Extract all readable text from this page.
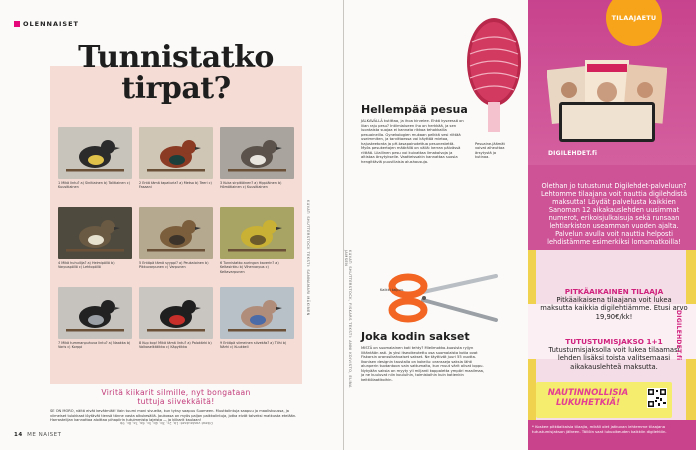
OLENNAISET
Tunnistatko tirpat?
1 Mikä lintu? a) Sinitiainen b) Talitiainen c) Kuusitiainen
2 Entä tämä tapaturia? a) Metso b) Teeri c) Fasaani
3 Kuka sirpitiäinen? a) Hippiäinen b) Hömötiainen c) Kuusitiainen
4 Mikä huhuilija? a) Helmipöllö b) Varpuspöllö c) Lehtopöllö
5 Entäpä tämä syyppi? a) Peukaloinen b) Pikkuvarpunen c) Varpunen
6 Tunnistatko auringon kaverin? a) Keltasirkku b) Vihervarpus c) Keltavarpunen
7 Mikä tummanpuhuva lintu? a) Naakka b) Varis c) Korppi
8 Kup kop! Mikä tämä lintu? a) Palokärki b) Valkoselkätikka c) Käpytikka
9 Entäpä viimeinen siivekäs? a) Tilhi b) Närhi c) Kuukkeli
Viritä kiikarit silmille, nyt bongataan tuttuja siivekkäitä!
SE ON MORO, näitä eivät kevätmiät! Vain tuumi moni sivuelta, kun tyksy saapuu Suomeen. Muuttolintuja saapuu jo maaliskuussa, ja viimeiset tulokkaat löytävät tiensä tänne vasta alkukesällä. Joukossa on myös paljon paikkalintuja, jotka eivät talveksi matkusta etelään. Harrastelijan kannattaa aloittaa pihapiirin tutuimmista lajeista — ja kiikarit kaulaan!
Oikeat vastaukset: 1b, 2c, 3b, 4b, 5c, 6a, 7a, 8c, 9b
14 ME NAISET
KUVAT: SHUTTERSTOCK TEKSTI: SANNAMARI MÄKINEN
Pesuaine-jäämät voivat aiheuttaa ärsytystä ja kutinaa.
Hellempää pesua
JALKAVÄLLÄ kutittaa, ja ihoa kirvelee. Ehkä kyseessä on liian raju pesu? Intiimialueen iho on herkkää, ja sen luontaista suojaa ei kannata rikkoa tehokkailla pesuaineilla. Gynekologien mukaan pelkkä vesi riittää useimmiten, ja tarvittaessa voi käyttää mietoa, hajusteetonta ja pH-tasapainotettua pesunestettä. Myös pesukertojen määrällä on väliä: kerran päivässä riittää. Liiallinen pesu voi kuivattaa limakalvoja ja altistaa ärsytykselle. Vaatteissakin kannattaa suosia hengittäviä puuvillaisia alushousuja.
Kaikki taipuu.
Joka kodin sakset
MISTÄ on suomalainen koti tehty? Mielimokko-kuosista ryijyn liitäntään asti. Ja yksi itseoikeutettu osa suomalaista kotia ovat Fiskarsin oranssikahvaiset sakset. Ne täyttivät juuri 55 vuotta. Ikonisen designin taustalla on kokeilu: oransseja saksia lähti alunperin tuotantoon vain sattumalta, kun muut värit olivat loppu. Nykyään saksia on myyty yli miljardi kappaletta ympäri maailmaa, ja ne kuuluvat niin kouluihin, toimistoihin kuin kotienkin keittiölaatikoihin.
KUVAT: SHUTTERSTOCK, FISKARS TEKSTI: ANNI KOIVISTO, ELINA JAMSEN
TILAAJAETU
DIGILEHDET.fi
Olethan jo tutustunut Digilehdet-palveluun? Lehtomme tilaajana voit nauttia digilehdistä maksutta! Löydät palvelusta kaikkien Sanoman 12 aikakauslehden uusimmat numerot, erikoisjulkaisuja sekä runsaan lehtiarkiston useamman vuoden ajalta. Palvelun avulla voit nauttia helposti lehdistämme esimerkiksi lomamatkoilla!
PITKÄAIKAINEN TILAAJA
Pitkäaikaisena tilaajana voit lukea maksutta kaikkia digilehtiämme. Etusi arvo 19,90€/kk!
TUTUSTUMISJAKSO 1+1
Tutustumisjaksolla voit lukea tilaamasi lehden lisäksi toista valitsemaasi aikakauslehteä maksutta.
NAUTINNOLLISIA LUKUHETKIÄ!
* Koskee pitkäaikaisia tilaajia, mikäli olet jatkuvan lehtemme tilaajana tutustumisjakson jälkeen. Tällöin saat lukuoikeuden kaikkiin digilehtiin.
DIGILEHDET.fi
